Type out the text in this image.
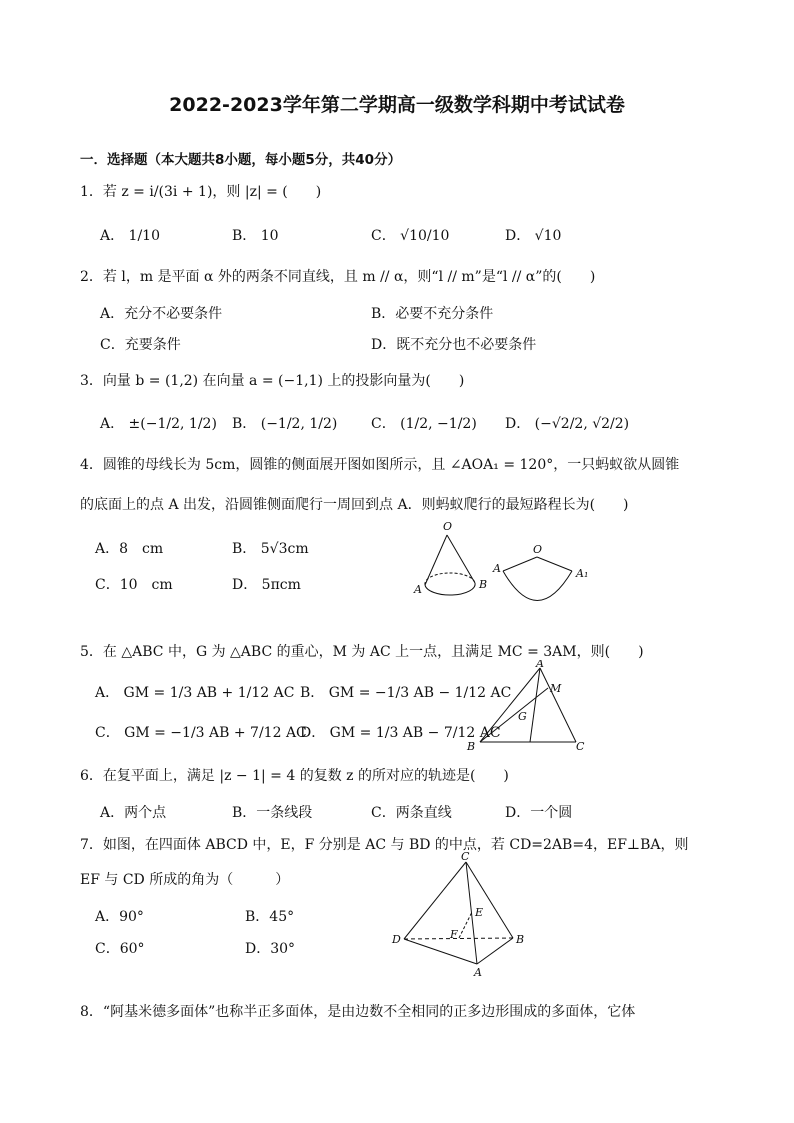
2022-2023学年第二学期高一级数学科期中考试试卷
一．选择题（本大题共8小题，每小题5分，共40分）
1．若 z = i/(3i + 1)，则 |z| = (　　)
A． 1/10	B． 10	C． √10/10	D． √10
2．若 l，m 是平面 α 外的两条不同直线，且 m // α，则“l // m”是“l // α”的(　　)
A．充分不必要条件	B．必要不充分条件
C．充要条件	D．既不充分也不必要条件
3．向量 b = (1,2) 在向量 a = (−1,1) 上的投影向量为(　　)
A． ±(−1/2, 1/2) B． (−1/2, 1/2) C． (1/2, −1/2) D． (−√2/2, √2/2)
4．圆锥的母线长为 5cm，圆锥的侧面展开图如图所示，且 ∠AOA₁ = 120°，一只蚂蚁欲从圆锥
的底面上的点 A 出发，沿圆锥侧面爬行一周回到点 A．则蚂蚁爬行的最短路程长为(　　)
A．8　cm	B． 5√3cm
C．10　cm	D． 5πcm
O
A	B
O
A	A₁
5．在 △ABC 中，G 为 △ABC 的重心，M 为 AC 上一点，且满足 MC = 3AM，则(　　)
A． GM = 1/3 AB + 1/12 AC B． GM = −1/3 AB − 1/12 AC
C． GM = −1/3 AB + 7/12 AC
D． GM = 1/3 AB − 7/12 AC
A
B	C
M
G
6．在复平面上，满足 |z − 1| = 4 的复数 z 的所对应的轨迹是(　　)
A．两个点	B．一条线段	C．两条直线	D．一个圆
7．如图，在四面体 ABCD 中，E，F 分别是 AC 与 BD 的中点，若 CD=2AB=4，EF⊥BA，则
EF 与 CD 所成的角为（　　　）
A．90°	B．45°
C．60°	D．30°
C
D	B
A
E
F
8．“阿基米德多面体”也称半正多面体，是由边数不全相同的正多边形围成的多面体，它体
